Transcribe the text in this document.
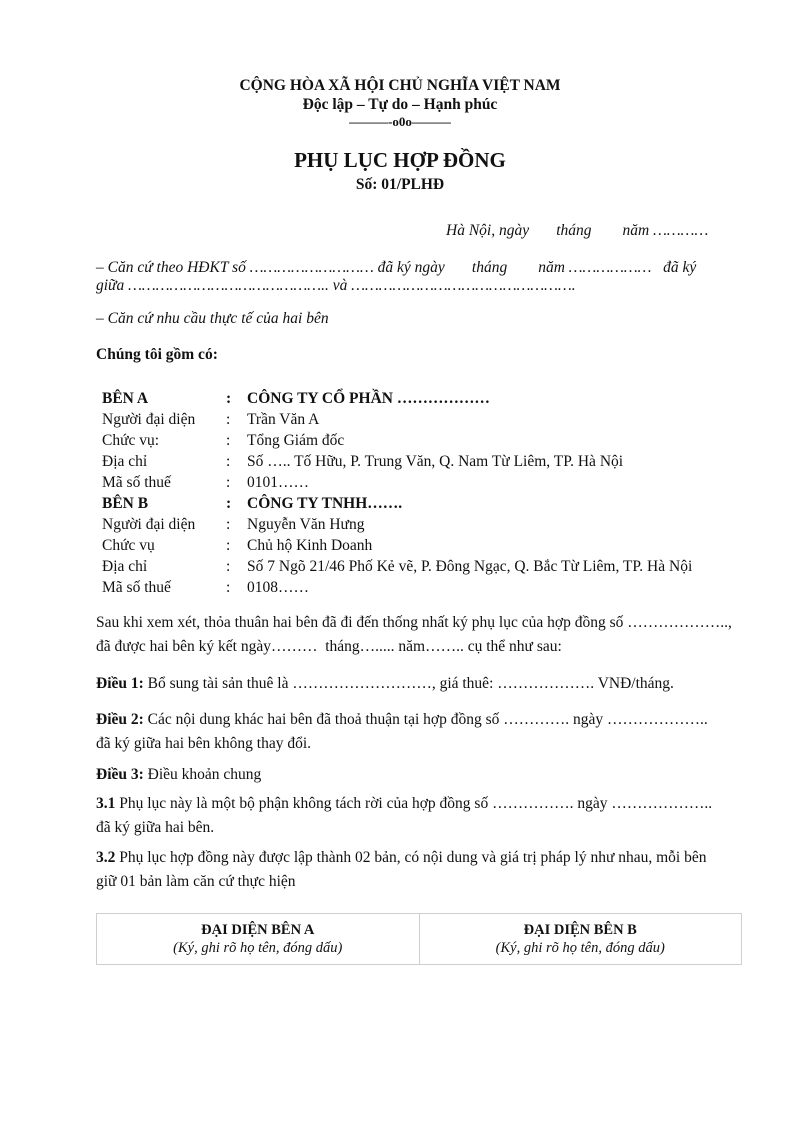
CỘNG HÒA XÃ HỘI CHỦ NGHĨA VIỆT NAM
Độc lập – Tự do – Hạnh phúc
———-o0o———
PHỤ LỤC HỢP ĐỒNG
Số: 01/PLHĐ
Hà Nội, ngày       tháng        năm …………
– Căn cứ theo HĐKT số ……………………… đã ký ngày       tháng        năm ………………   đã ký
giữa …………………………………….. và ………………………………………….
– Căn cứ nhu cầu thực tế của hai bên
Chúng tôi gồm có:
BÊN A	: CÔNG TY CỔ PHẦN ………………
Người đại diện : Trần Văn A
Chức vụ:	: Tổng Giám đốc
Địa chỉ	: Số ….. Tố Hữu, P. Trung Văn, Q. Nam Từ Liêm, TP. Hà Nội
Mã số thuế	: 0101……
BÊN B	: CÔNG TY TNHH…….
Người đại diện : Nguyễn Văn Hưng
Chức vụ	: Chủ hộ Kinh Doanh
Địa chỉ	: Số 7 Ngõ 21/46 Phố Kẻ vẽ, P. Đông Ngạc, Q. Bắc Từ Liêm, TP. Hà Nội
Mã số thuế	: 0108……
Sau khi xem xét, thỏa thuân hai bên đã đi đến thống nhất ký phụ lục của hợp đồng số ………………..,
đã được hai bên ký kết ngày………  tháng…..... năm…….. cụ thể như sau:
Điều 1: Bổ sung tài sản thuê là ………………………, giá thuê: ………………. VNĐ/tháng.
Điều 2: Các nội dung khác hai bên đã thoả thuận tại hợp đồng số …………. ngày ………………..
đã ký giữa hai bên không thay đổi.
Điều 3: Điều khoản chung
3.1 Phụ lục này là một bộ phận không tách rời của hợp đồng số ……………. ngày ………………..
đã ký giữa hai bên.
3.2 Phụ lục hợp đồng này được lập thành 02 bản, có nội dung và giá trị pháp lý như nhau, mỗi bên
giữ 01 bản làm căn cứ thực hiện
ĐẠI DIỆN BÊN A
(Ký, ghi rõ họ tên, đóng dấu)
ĐẠI DIỆN BÊN B
(Ký, ghi rõ họ tên, đóng dấu)
